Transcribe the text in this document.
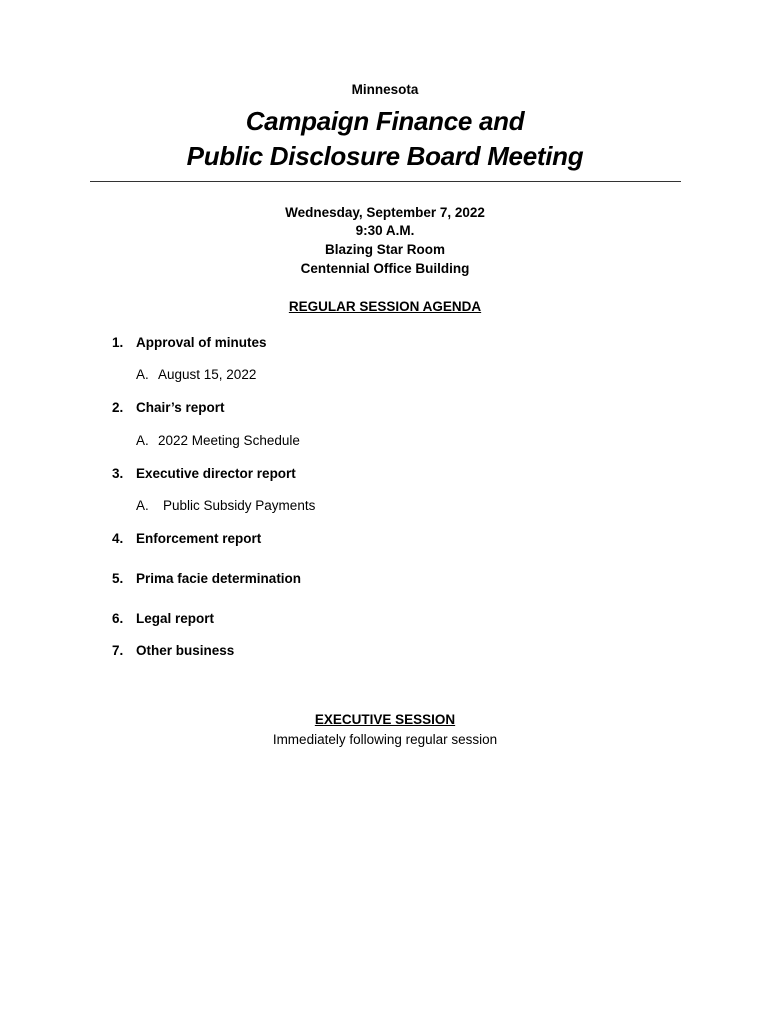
Minnesota
Campaign Finance and
Public Disclosure Board Meeting
Wednesday, September 7, 2022
9:30 A.M.
Blazing Star Room
Centennial Office Building
REGULAR SESSION AGENDA
1. Approval of minutes
A. August 15, 2022
2. Chair’s report
A. 2022 Meeting Schedule
3. Executive director report
A. Public Subsidy Payments
4. Enforcement report
5. Prima facie determination
6. Legal report
7. Other business
EXECUTIVE SESSION
Immediately following regular session
